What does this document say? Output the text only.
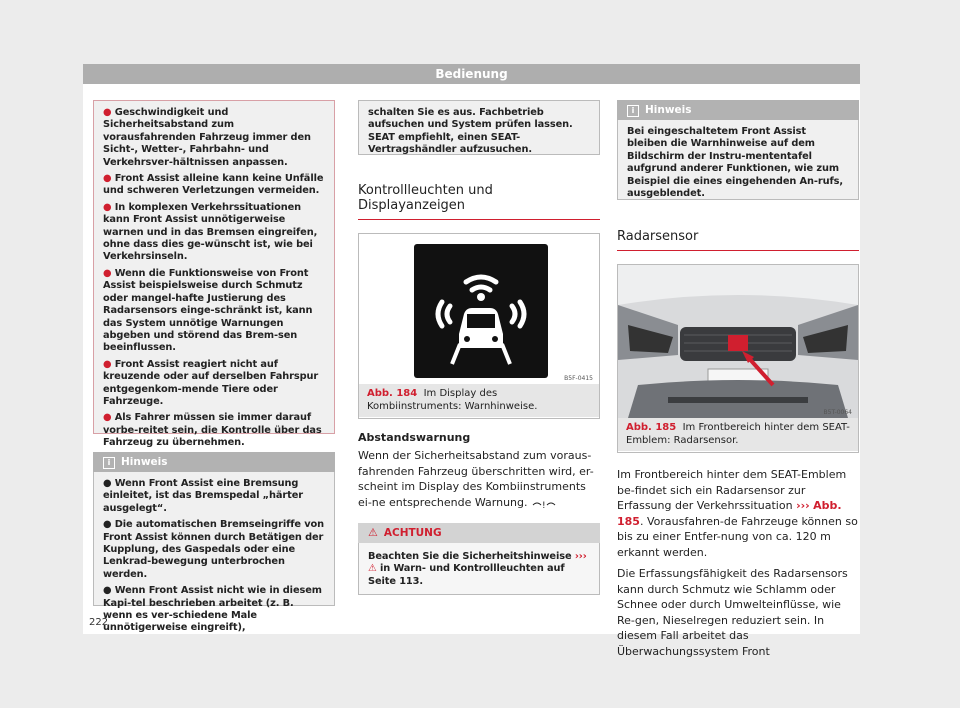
Bedienung
● Geschwindigkeit und Sicherheitsabstand zum vorausfahrenden Fahrzeug immer den Sicht-, Wetter-, Fahrbahn- und Verkehrsver-hältnissen anpassen.
● Front Assist alleine kann keine Unfälle und schweren Verletzungen vermeiden.
● In komplexen Verkehrssituationen kann Front Assist unnötigerweise warnen und in das Bremsen eingreifen, ohne dass dies ge-wünscht ist, wie bei Verkehrsinseln.
● Wenn die Funktionsweise von Front Assist beispielsweise durch Schmutz oder mangel-hafte Justierung des Radarsensors einge-schränkt ist, kann das System unnötige Warnungen abgeben und störend das Brem-sen beeinflussen.
● Front Assist reagiert nicht auf kreuzende oder auf derselben Fahrspur entgegenkom-mende Tiere oder Fahrzeuge.
● Als Fahrer müssen sie immer darauf vorbe-reitet sein, die Kontrolle über das Fahrzeug zu übernehmen.
i Hinweis
● Wenn Front Assist eine Bremsung einleitet, ist das Bremspedal „härter ausgelegt“.
● Die automatischen Bremseingriffe von Front Assist können durch Betätigen der Kupplung, des Gaspedals oder eine Lenkrad-bewegung unterbrochen werden.
● Wenn Front Assist nicht wie in diesem Kapi-tel beschrieben arbeitet (z. B. wenn es ver-schiedene Male unnötigerweise eingreift),
schalten Sie es aus. Fachbetrieb aufsuchen und System prüfen lassen. SEAT empfiehlt, einen SEAT-Vertragshändler aufzusuchen.
Kontrollleuchten und Displayanzeigen
B5F-0415
Abb. 184 Im Display des Kombiinstruments: Warnhinweise.
Abstandswarnung
Wenn der Sicherheitsabstand zum voraus-fahrenden Fahrzeug überschritten wird, er-scheint im Display des Kombiinstruments ei-ne entsprechende Warnung. !
⚠ ACHTUNG
Beachten Sie die Sicherheitshinweise ››› ⚠ in Warn- und Kontrollleuchten auf Seite 113.
i Hinweis
Bei eingeschaltetem Front Assist bleiben die Warnhinweise auf dem Bildschirm der Instru-mententafel aufgrund anderer Funktionen, wie zum Beispiel die eines eingehenden An-rufs, ausgeblendet.
Radarsensor
B5T-0064
Abb. 185 Im Frontbereich hinter dem SEAT-Emblem: Radarsensor.
Im Frontbereich hinter dem SEAT-Emblem be-findet sich ein Radarsensor zur Erfassung der Verkehrssituation ››› Abb. 185. Vorausfahren-de Fahrzeuge können so bis zu einer Entfer-nung von ca. 120 m erkannt werden.
Die Erfassungsfähigkeit des Radarsensors kann durch Schmutz wie Schlamm oder Schnee oder durch Umwelteinflüsse, wie Re-gen, Nieselregen reduziert sein. In diesem Fall arbeitet das Überwachungssystem Front
222
